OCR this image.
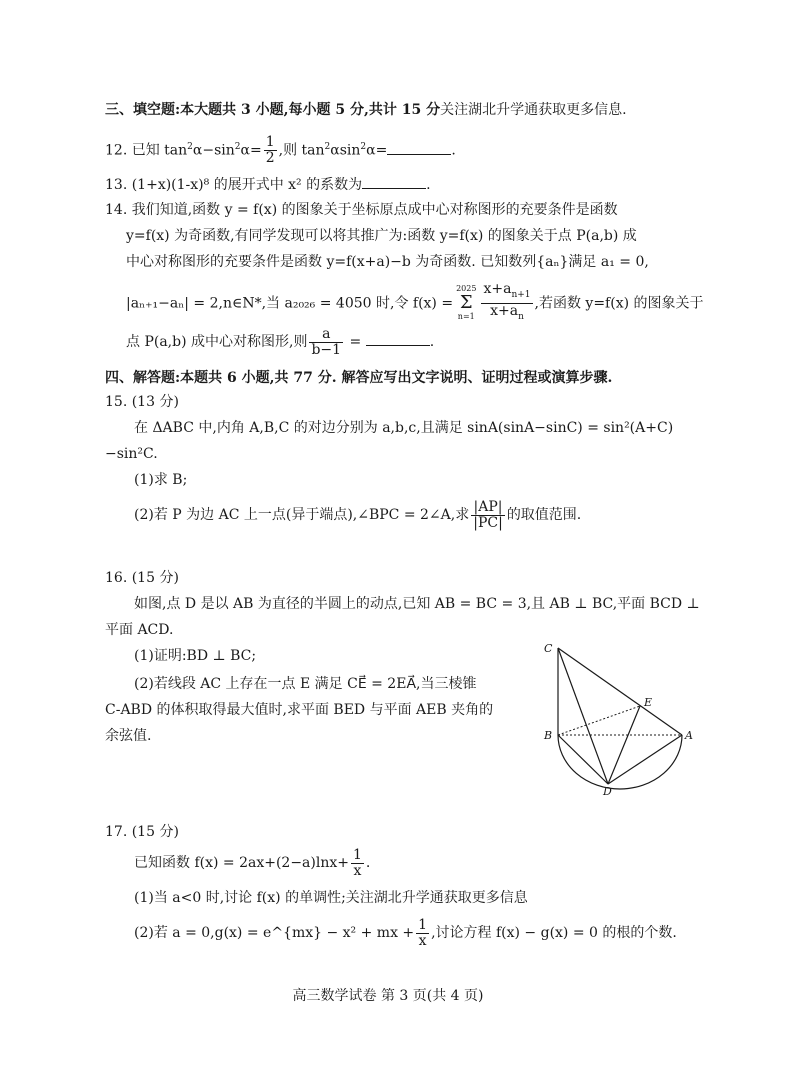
三、填空题:本大题共 3 小题,每小题 5 分,共计 15 分关注湖北升学通获取更多信息.
12. 已知 $\tan^2\alpha-\sin^2\alpha= \frac{1}{2}$ ,则 $\tan^2\alpha\sin^2\alpha=$	.
13. (1+x)(1-x)⁸ 的展开式中 x² 的系数为	.
14. 我们知道,函数 y = f(x) 的图象关于坐标原点成中心对称图形的充要条件是函数
y=f(x) 为奇函数,有同学发现可以将其推广为:函数 y=f(x) 的图象关于点 P(a,b) 成
中心对称图形的充要条件是函数 y=f(x+a)−b 为奇函数. 已知数列{aₙ}满足 a₁ = 0,
|aₙ₊₁−aₙ| = 2,n∈N*,当 a₂₀₂₆ = 4050 时,令 f(x) =
2025
Σ
$n=1 \frac{x+a_{n+1}}{x+a_n}$ ,若函数 y=f(x) 的图象关于
点 P(a,b) 成中心对称图形,则 $\frac{a}{b-1}$ =	.
四、解答题:本题共 6 小题,共 77 分. 解答应写出文字说明、证明过程或演算步骤.
15. (13 分)
在 ΔABC 中,内角 A,B,C 的对边分别为 a,b,c,且满足 sinA(sinA−sinC) = sin²(A+C)
−sin²C.
(1)求 B;
(2)若 P 为边 AC 上一点(异于端点),∠BPC = 2∠A,求 $\frac{|AP|}{|PC|}$ 的取值范围.
16. (15 分)
如图,点 D 是以 AB 为直径的半圆上的动点,已知 AB = BC = 3,且 AB ⊥ BC,平面 BCD ⊥
平面 ACD.
(1)证明:BD ⊥ BC;
(2)若线段 AC 上存在一点 E 满足 CE⃗ = 2EA⃗,当三棱锥
C-ABD 的体积取得最大值时,求平面 BED 与平面 AEB 夹角的
余弦值.
C
E
B	A
D
17. (15 分)
已知函数 $f(x) = 2ax+(2-a)\ln x+ \frac{1}{x}$ .
(1)当 a<0 时,讨论 f(x) 的单调性;关注湖北升学通获取更多信息
(2)若 a = 0,g(x) = e^{mx} − x² + mx + $\frac{1}{x}$ ,讨论方程 f(x) − g(x) = 0 的根的个数.
高三数学试卷 第 3 页(共 4 页)
